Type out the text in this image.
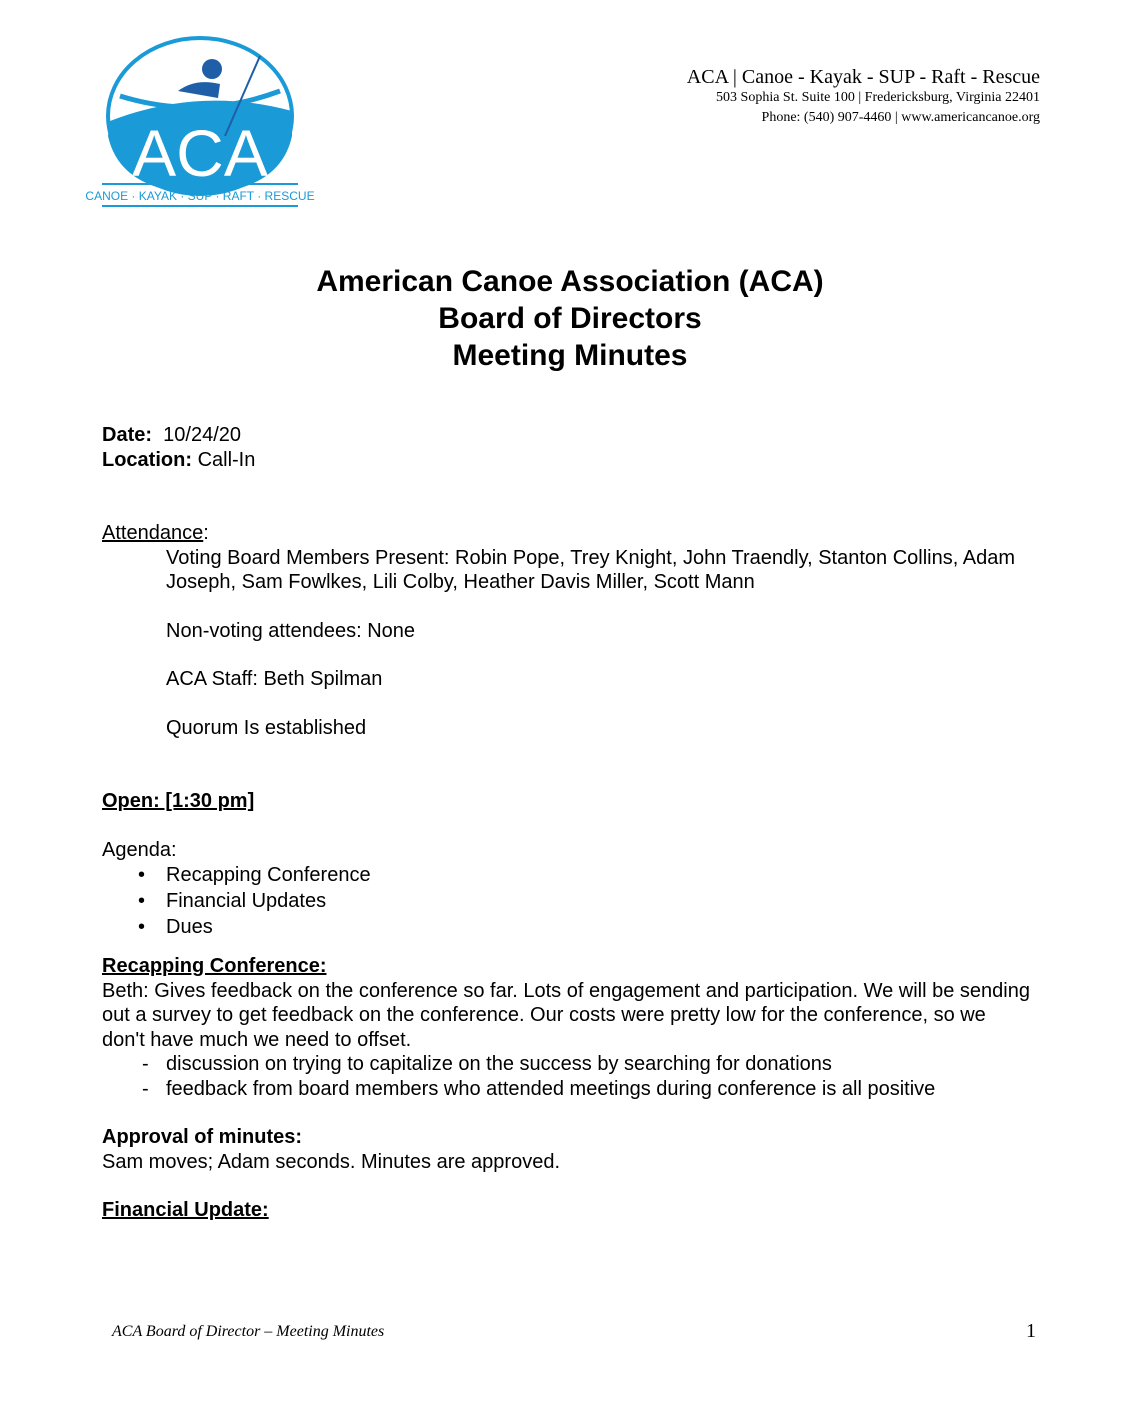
ACA
CANOE · KAYAK · SUP · RAFT · RESCUE
ACA | Canoe - Kayak - SUP - Raft - Rescue
503 Sophia St. Suite 100 | Fredericksburg, Virginia 22401
Phone: (540) 907-4460 | www.americancanoe.org
American Canoe Association (ACA)
Board of Directors
Meeting Minutes
Date: 10/24/20
Location: Call-In
Attendance:
Voting Board Members Present: Robin Pope, Trey Knight, John Traendly, Stanton Collins, Adam Joseph, Sam Fowlkes, Lili Colby, Heather Davis Miller, Scott Mann
Non-voting attendees: None
ACA Staff: Beth Spilman
Quorum Is established
Open: [1:30 pm]
Agenda:
• Recapping Conference
• Financial Updates
• Dues
Recapping Conference:
Beth: Gives feedback on the conference so far. Lots of engagement and participation. We will be sending out a survey to get feedback on the conference. Our costs were pretty low for the conference, so we don't have much we need to offset.
- discussion on trying to capitalize on the success by searching for donations
- feedback from board members who attended meetings during conference is all positive
Approval of minutes:
Sam moves; Adam seconds. Minutes are approved.
Financial Update:
ACA Board of Director – Meeting Minutes	1
